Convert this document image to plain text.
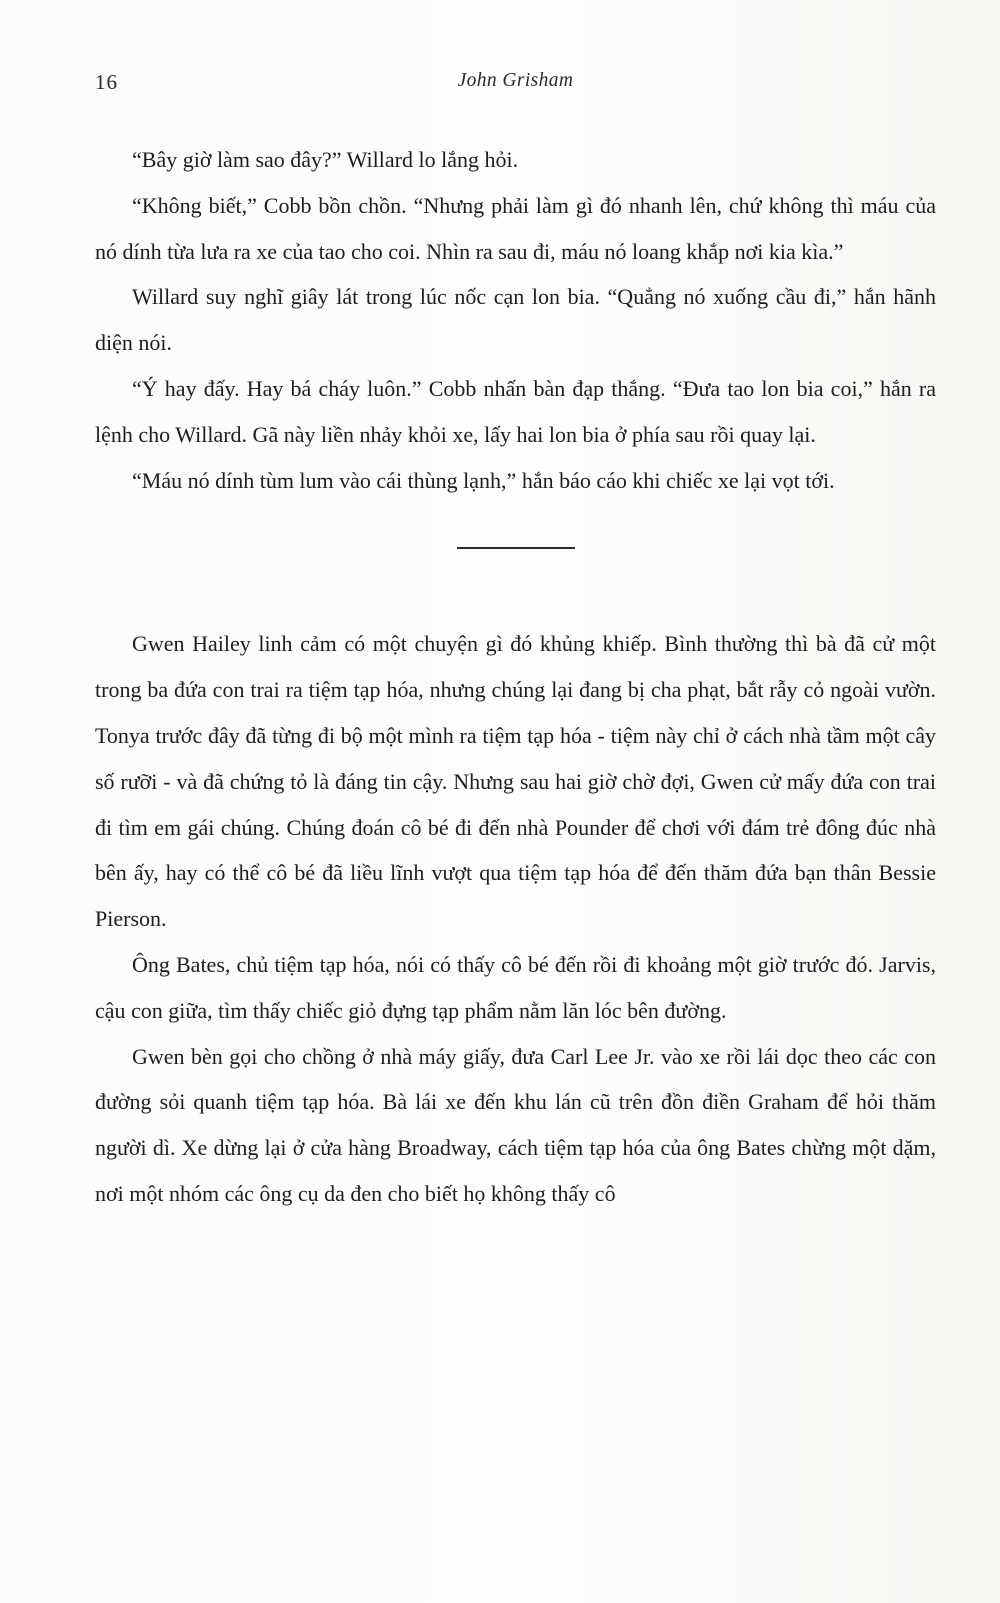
16	John Grisham

“Bây giờ làm sao đây?” Willard lo lắng hỏi.

“Không biết,” Cobb bồn chồn. “Nhưng phải làm gì đó nhanh lên, chứ không thì máu của nó dính từa lưa ra xe của tao cho coi. Nhìn ra sau đi, máu nó loang khắp nơi kia kìa.”

Willard suy nghĩ giây lát trong lúc nốc cạn lon bia. “Quẳng nó xuống cầu đi,” hắn hãnh diện nói.

“Ý hay đấy. Hay bá cháy luôn.” Cobb nhấn bàn đạp thắng. “Đưa tao lon bia coi,” hắn ra lệnh cho Willard. Gã này liền nhảy khỏi xe, lấy hai lon bia ở phía sau rồi quay lại.

“Máu nó dính tùm lum vào cái thùng lạnh,” hắn báo cáo khi chiếc xe lại vọt tới.

Gwen Hailey linh cảm có một chuyện gì đó khủng khiếp. Bình thường thì bà đã cử một trong ba đứa con trai ra tiệm tạp hóa, nhưng chúng lại đang bị cha phạt, bắt rẫy cỏ ngoài vườn. Tonya trước đây đã từng đi bộ một mình ra tiệm tạp hóa - tiệm này chỉ ở cách nhà tầm một cây số rưỡi - và đã chứng tỏ là đáng tin cậy. Nhưng sau hai giờ chờ đợi, Gwen cử mấy đứa con trai đi tìm em gái chúng. Chúng đoán cô bé đi đến nhà Pounder để chơi với đám trẻ đông đúc nhà bên ấy, hay có thể cô bé đã liều lĩnh vượt qua tiệm tạp hóa để đến thăm đứa bạn thân Bessie Pierson.

Ông Bates, chủ tiệm tạp hóa, nói có thấy cô bé đến rồi đi khoảng một giờ trước đó. Jarvis, cậu con giữa, tìm thấy chiếc giỏ đựng tạp phẩm nằm lăn lóc bên đường.

Gwen bèn gọi cho chồng ở nhà máy giấy, đưa Carl Lee Jr. vào xe rồi lái dọc theo các con đường sỏi quanh tiệm tạp hóa. Bà lái xe đến khu lán cũ trên đồn điền Graham để hỏi thăm người dì. Xe dừng lại ở cửa hàng Broadway, cách tiệm tạp hóa của ông Bates chừng một dặm, nơi một nhóm các ông cụ da đen cho biết họ không thấy cô
